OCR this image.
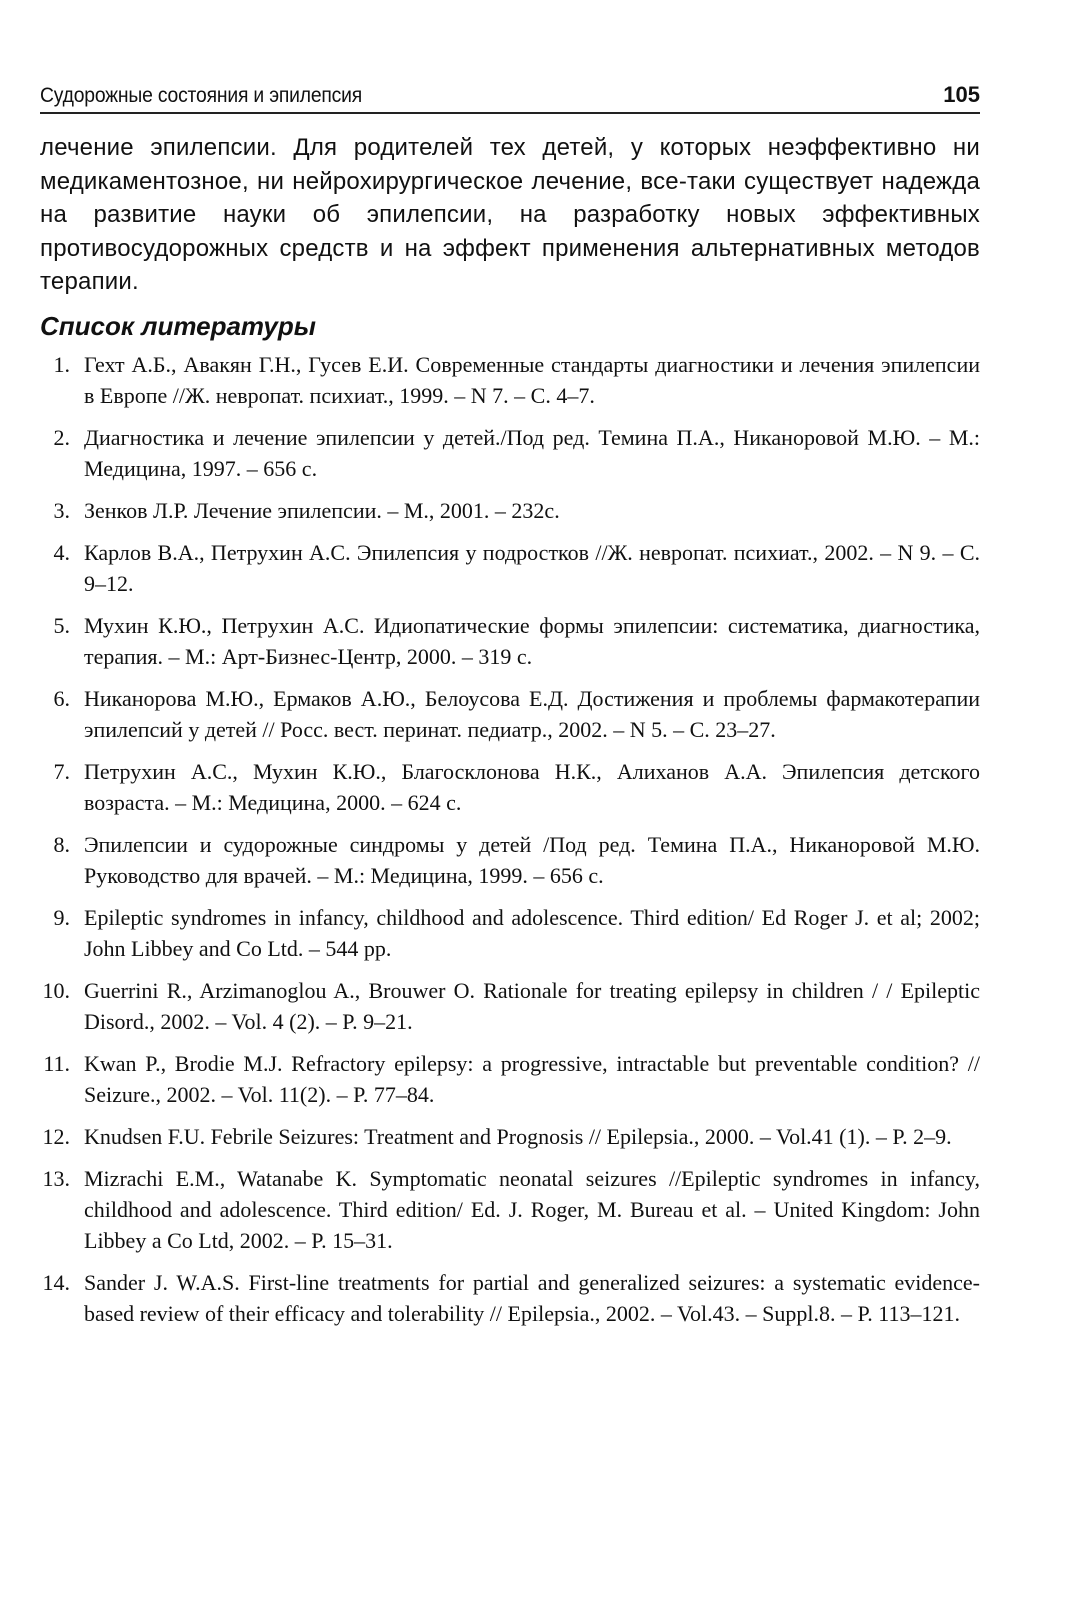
Судорожные состояния и эпилепсия	105

лечение эпилепсии. Для родителей тех детей, у которых неэффективно ни медикаментозное, ни нейрохирургическое лечение, все-таки существует надежда на развитие науки об эпилепсии, на разработку новых эффективных противосудорожных средств и на эффект применения альтернативных методов терапии.

Список литературы
1. Гехт А.Б., Авакян Г.Н., Гусев Е.И. Современные стандарты диагностики и лечения эпилепсии в Европе //Ж. невропат. психиат., 1999. – N 7. – С. 4–7.
2. Диагностика и лечение эпилепсии у детей./Под ред. Темина П.А., Никаноровой М.Ю. – М.: Медицина, 1997. – 656 с.
3. Зенков Л.Р. Лечение эпилепсии. – М., 2001. – 232с.
4. Карлов В.А., Петрухин А.С. Эпилепсия у подростков //Ж. невропат. психиат., 2002. – N 9. – С. 9–12.
5. Мухин К.Ю., Петрухин А.С. Идиопатические формы эпилепсии: систематика, диагностика, терапия. – М.: Арт-Бизнес-Центр, 2000. – 319 с.
6. Никанорова М.Ю., Ермаков А.Ю., Белоусова Е.Д. Достижения и проблемы фармакотерапии эпилепсий у детей // Росс. вест. перинат. педиатр., 2002. – N 5. – С. 23–27.
7. Петрухин А.С., Мухин К.Ю., Благосклонова Н.К., Алиханов А.А. Эпилепсия детского возраста. – М.: Медицина, 2000. – 624 с.
8. Эпилепсии и судорожные синдромы у детей /Под ред. Темина П.А., Никаноровой М.Ю. Руководство для врачей. – М.: Медицина, 1999. – 656 с.
9. Epileptic syndromes in infancy, childhood and adolescence. Third edition/ Ed Roger J. et al; 2002; John Libbey and Co Ltd. – 544 pp.
10. Guerrini R., Arzimanoglou A., Brouwer O. Rationale for treating epilepsy in children / / Epileptic Disord., 2002. – Vol. 4 (2). – P. 9–21.
11. Kwan P., Brodie M.J. Refractory epilepsy: a progressive, intractable but preventable condition? // Seizure., 2002. – Vol. 11(2). – P. 77–84.
12. Knudsen F.U. Febrile Seizures: Treatment and Prognosis // Epilepsia., 2000. – Vol.41 (1). – P. 2–9.
13. Mizrachi E.M., Watanabe K. Symptomatic neonatal seizures //Epileptic syndromes in infancy, childhood and adolescence. Third edition/ Ed. J. Roger, M. Bureau et al. – United Kingdom: John Libbey a Co Ltd, 2002. – P. 15–31.
14. Sander J. W.A.S. First-line treatments for partial and generalized seizures: a systematic evidence-based review of their efficacy and tolerability // Epilepsia., 2002. – Vol.43. – Suppl.8. – P. 113–121.
